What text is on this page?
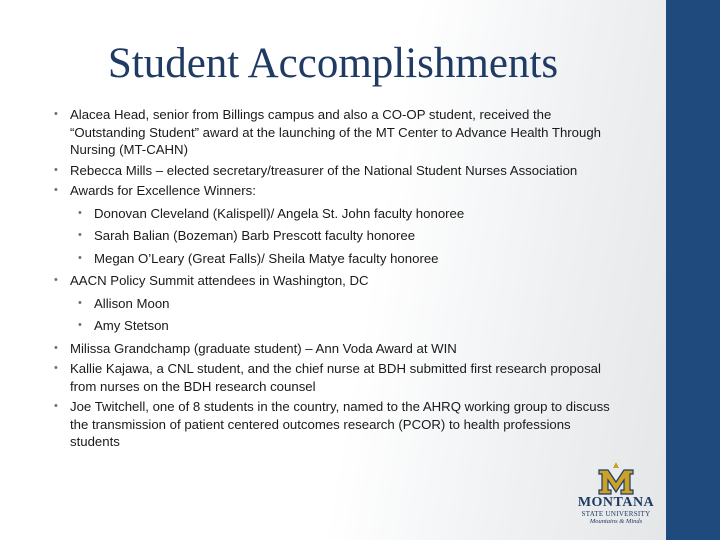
Student Accomplishments
• Alacea Head, senior from Billings campus and also a CO-OP student, received the “Outstanding Student” award at the launching of the MT Center to Advance Health Through Nursing (MT-CAHN)
• Rebecca Mills – elected secretary/treasurer of the National Student Nurses Association
• Awards for Excellence Winners:
• Donovan Cleveland (Kalispell)/ Angela St. John faculty honoree
• Sarah Balian (Bozeman) Barb Prescott faculty honoree
• Megan O’Leary (Great Falls)/ Sheila Matye faculty honoree
• AACN Policy Summit attendees in Washington, DC
• Allison Moon
• Amy Stetson
• Milissa Grandchamp (graduate student) – Ann Voda Award at WIN
• Kallie Kajawa, a CNL student, and the chief nurse at BDH submitted first research proposal from nurses on the BDH research counsel
• Joe Twitchell, one of 8 students in the country, named to the AHRQ working group to discuss the transmission of patient centered outcomes research (PCOR) to health professions students
MONTANA
STATE UNIVERSITY
Mountains & Minds
